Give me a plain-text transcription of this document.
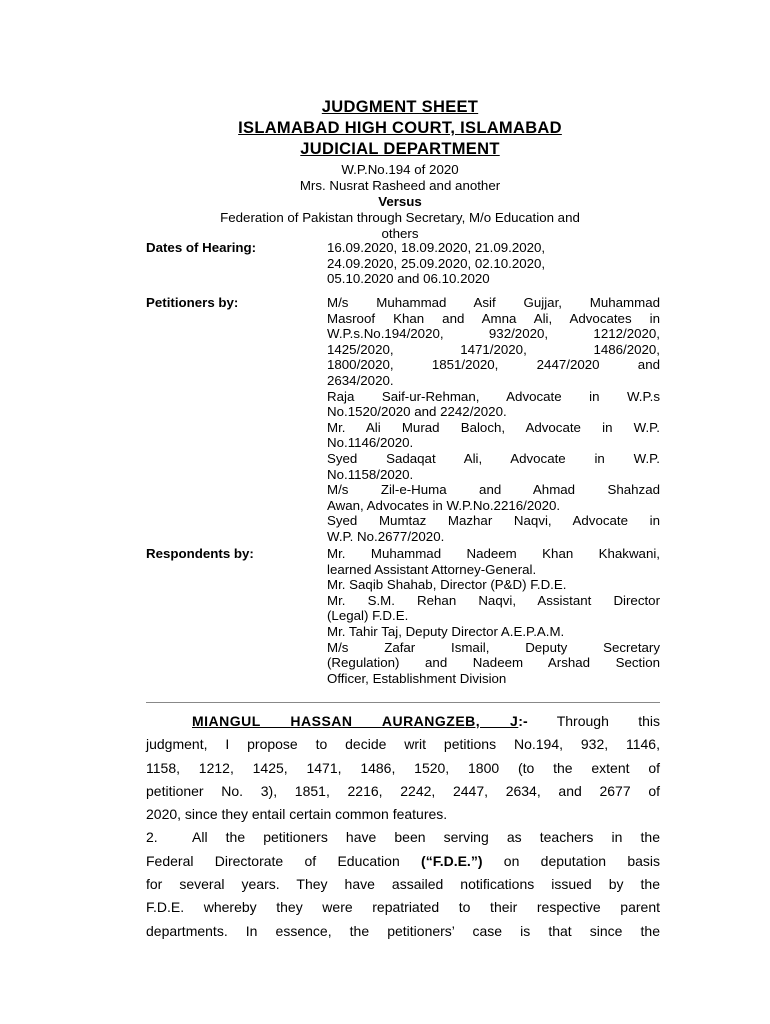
JUDGMENT SHEET
ISLAMABAD HIGH COURT, ISLAMABAD
JUDICIAL DEPARTMENT
W.P.No.194 of 2020
Mrs. Nusrat Rasheed and another
Versus
Federation of Pakistan through Secretary, M/o Education and
others
Dates of Hearing:	16.09.2020, 18.09.2020, 21.09.2020,
24.09.2020, 25.09.2020, 02.10.2020,
05.10.2020 and 06.10.2020
Petitioners by:	M/s Muhammad Asif Gujjar, Muhammad
Masroof Khan and Amna Ali, Advocates in
W.P.s.No.194/2020, 932/2020, 1212/2020,
1425/2020, 1471/2020, 1486/2020,
1800/2020, 1851/2020, 2447/2020 and
2634/2020.
Raja Saif-ur-Rehman, Advocate in W.P.s
No.1520/2020 and 2242/2020.
Mr. Ali Murad Baloch, Advocate in W.P.
No.1146/2020.
Syed Sadaqat Ali, Advocate in W.P.
No.1158/2020.
M/s Zil-e-Huma and Ahmad Shahzad
Awan, Advocates in W.P.No.2216/2020.
Syed Mumtaz Mazhar Naqvi, Advocate in
W.P. No.2677/2020.
Respondents by:	Mr. Muhammad Nadeem Khan Khakwani,
learned Assistant Attorney-General.
Mr. Saqib Shahab, Director (P&D) F.D.E.
Mr. S.M. Rehan Naqvi, Assistant Director
(Legal) F.D.E.
Mr. Tahir Taj, Deputy Director A.E.P.A.M.
M/s Zafar Ismail, Deputy Secretary
(Regulation) and Nadeem Arshad Section
Officer, Establishment Division
MIANGUL HASSAN AURANGZEB, J:- Through this
judgment, I propose to decide writ petitions No.194, 932, 1146,
1158, 1212, 1425, 1471, 1486, 1520, 1800 (to the extent of
petitioner No. 3), 1851, 2216, 2242, 2447, 2634, and 2677 of
2020, since they entail certain common features.
2. All the petitioners have been serving as teachers in the
Federal Directorate of Education (“F.D.E.”) on deputation basis
for several years. They have assailed notifications issued by the
F.D.E. whereby they were repatriated to their respective parent
departments. In essence, the petitioners’ case is that since the
